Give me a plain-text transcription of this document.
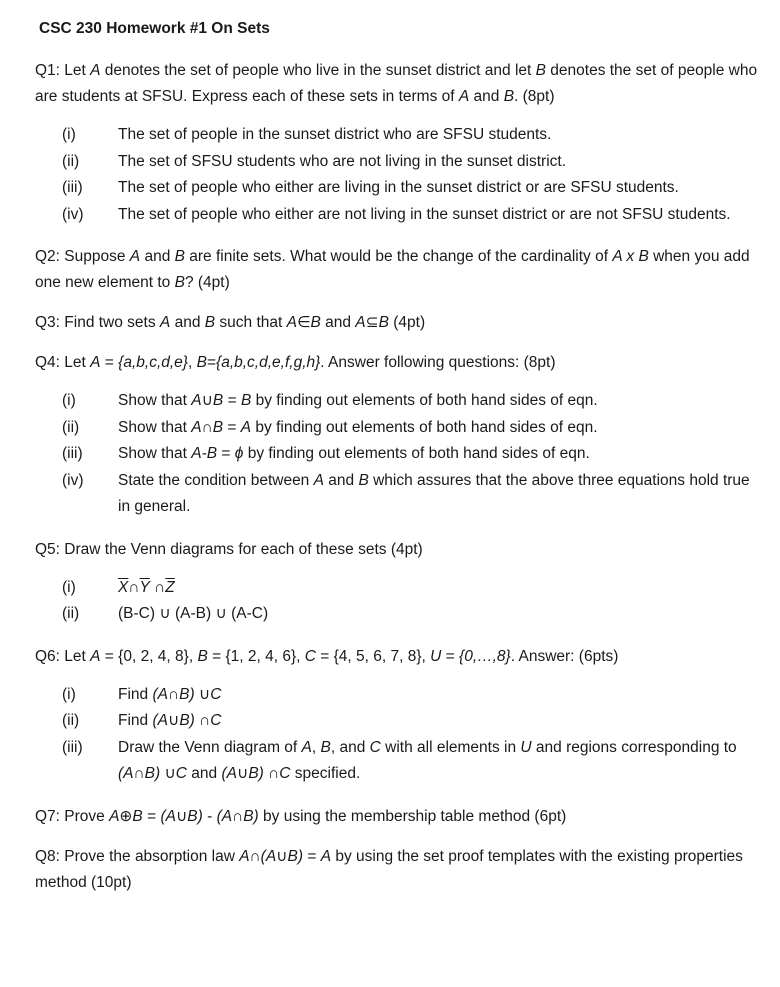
CSC 230 Homework #1 On Sets

Q1: Let A denotes the set of people who live in the sunset district and let B denotes the set of people who are students at SFSU. Express each of these sets in terms of A and B. (8pt)

(i)	The set of people in the sunset district who are SFSU students.
(ii)	The set of SFSU students who are not living in the sunset district.
(iii)	The set of people who either are living in the sunset district or are SFSU students.
(iv)	The set of people who either are not living in the sunset district or are not SFSU students.

Q2: Suppose A and B are finite sets. What would be the change of the cardinality of A x B when you add one new element to B? (4pt)

Q3: Find two sets A and B such that A∈B and A⊆B (4pt)

Q4: Let A = {a,b,c,d,e}, B={a,b,c,d,e,f,g,h}. Answer following questions: (8pt)

(i)	Show that A∪B = B by finding out elements of both hand sides of eqn.
(ii)	Show that A∩B = A by finding out elements of both hand sides of eqn.
(iii)	Show that A-B = ϕ by finding out elements of both hand sides of eqn.
(iv)	State the condition between A and B which assures that the above three equations hold true in general.

Q5: Draw the Venn diagrams for each of these sets (4pt)

(i)	$\overline{X}\cap\overline{Y}$ $\cap\overline{Z}$
(ii)	(B-C) ∪ (A-B) ∪ (A-C)

Q6: Let A = {0, 2, 4, 8}, B = {1, 2, 4, 6}, C = {4, 5, 6, 7, 8}, U = {0,…,8}. Answer: (6pts)

(i)	Find (A∩B) ∪C
(ii)	Find (A∪B) ∩C
(iii)	Draw the Venn diagram of A, B, and C with all elements in U and regions corresponding to (A∩B) ∪C and (A∪B) ∩C specified.

Q7: Prove A⊕B = (A∪B) - (A∩B) by using the membership table method (6pt)

Q8: Prove the absorption law A∩(A∪B) = A by using the set proof templates with the existing properties method (10pt)
